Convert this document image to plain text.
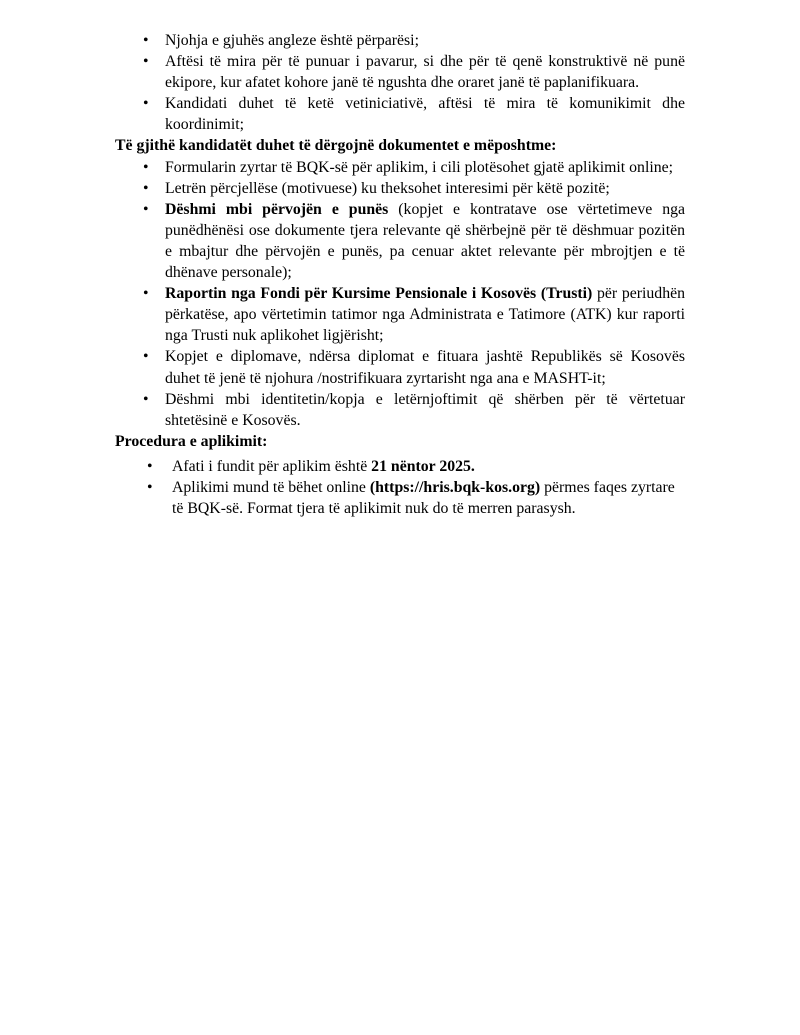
• Njohja e gjuhës angleze është përparësi;
• Aftësi të mira për të punuar i pavarur, si dhe për të qenë konstruktivë në punë ekipore, kur afatet kohore janë të ngushta dhe oraret janë të paplanifikuara.
• Kandidati duhet të ketë vetiniciativë, aftësi të mira të komunikimit dhe koordinimit;

Të gjithë kandidatët duhet të dërgojnë dokumentet e mëposhtme:

• Formularin zyrtar të BQK-së për aplikim, i cili plotësohet gjatë aplikimit online;
• Letrën përcjellëse (motivuese) ku theksohet interesimi për këtë pozitë;
• Dëshmi mbi përvojën e punës (kopjet e kontratave ose vërtetimeve nga punëdhënësi ose dokumente tjera relevante që shërbejnë për të dëshmuar pozitën e mbajtur dhe përvojën e punës, pa cenuar aktet relevante për mbrojtjen e të dhënave personale);
• Raportin nga Fondi për Kursime Pensionale i Kosovës (Trusti) për periudhën përkatëse, apo vërtetimin tatimor nga Administrata e Tatimore (ATK) kur raporti nga Trusti nuk aplikohet ligjërisht;
• Kopjet e diplomave, ndërsa diplomat e fituara jashtë Republikës së Kosovës duhet të jenë të njohura /nostrifikuara zyrtarisht nga ana e MASHT-it;
• Dëshmi mbi identitetin/kopja e letërnjoftimit që shërben për të vërtetuar shtetësinë e Kosovës.

Procedura e aplikimit:

• Afati i fundit për aplikim është 21 nëntor 2025.
• Aplikimi mund të bëhet online (https://hris.bqk-kos.org) përmes faqes zyrtare të BQK-së. Format tjera të aplikimit nuk do të merren parasysh.
